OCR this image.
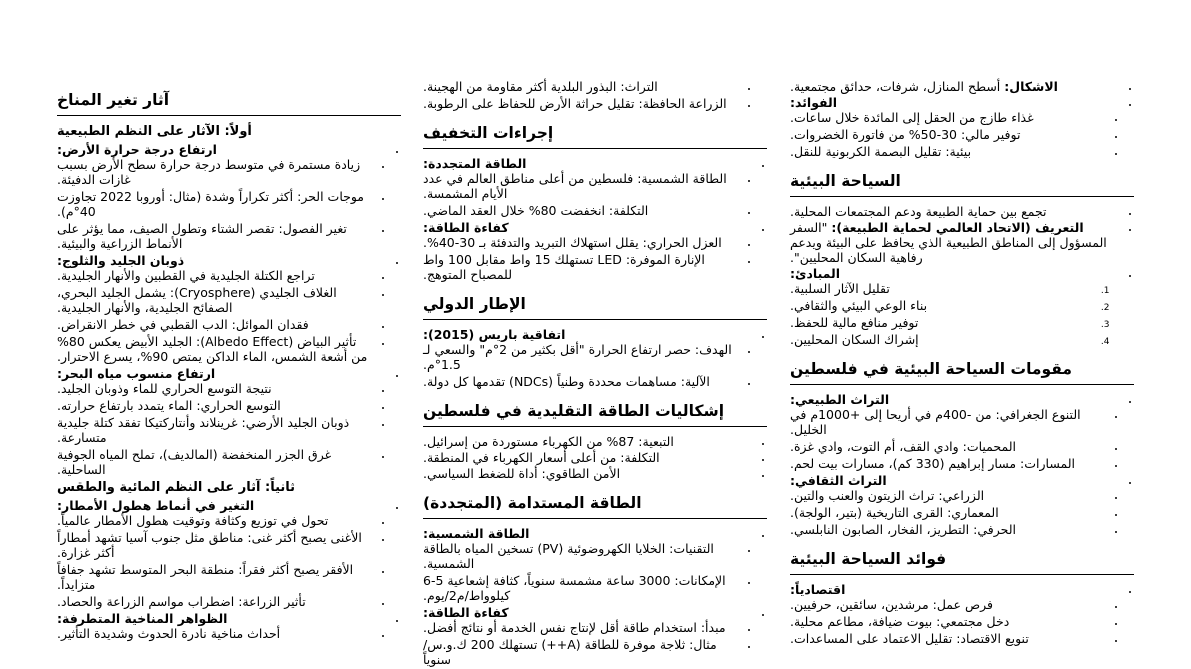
آثار تغير المناخ
أولاً: الآثار على النظم الطبيعية
• ارتفاع درجة حرارة الأرض:
• زيادة مستمرة في متوسط درجة حرارة سطح الأرض بسبب غازات الدفيئة.
• موجات الحر: أكثر تكراراً وشدة (مثال: أوروبا 2022 تجاوزت 40°م).
• تغير الفصول: تقصر الشتاء وتطول الصيف، مما يؤثر على الأنماط الزراعية والبيئية.
• ذوبان الجليد والثلوج:
• تراجع الكتلة الجليدية في القطبين والأنهار الجليدية.
• الغلاف الجليدي (Cryosphere): يشمل الجليد البحري، الصفائح الجليدية، والأنهار الجليدية.
• فقدان الموائل: الدب القطبي في خطر الانقراض.
• تأثير البياض (Albedo Effect): الجليد الأبيض يعكس 80% من أشعة الشمس، الماء الداكن يمتص 90%، يسرع الاحترار.
• ارتفاع منسوب مياه البحر:
• نتيجة التوسع الحراري للماء وذوبان الجليد.
• التوسع الحراري: الماء يتمدد بارتفاع حرارته.
• ذوبان الجليد الأرضي: غرينلاند وأنتاركتيكا تفقد كتلة جليدية متسارعة.
• غرق الجزر المنخفضة (المالديف)، تملح المياه الجوفية الساحلية.
ثانياً: آثار على النظم المائية والطقس
• التغير في أنماط هطول الأمطار:
• تحول في توزيع وكثافة وتوقيت هطول الأمطار عالمياً.
• الأغنى يصبح أكثر غنى: مناطق مثل جنوب آسيا تشهد أمطاراً أكثر غزارة.
• الأفقر يصبح أكثر فقراً: منطقة البحر المتوسط تشهد جفافاً متزايداً.
• تأثير الزراعة: اضطراب مواسم الزراعة والحصاد.
• الظواهر المناخية المتطرفة:
• أحداث مناخية نادرة الحدوث وشديدة التأثير.
• التراث: البذور البلدية أكثر مقاومة من الهجينة.
• الزراعة الحافظة: تقليل حراثة الأرض للحفاظ على الرطوبة.
إجراءات التخفيف
• الطاقة المتجددة:
• الطاقة الشمسية: فلسطين من أعلى مناطق العالم في عدد الأيام المشمسة.
• التكلفة: انخفضت 80% خلال العقد الماضي.
• كفاءة الطاقة:
• العزل الحراري: يقلل استهلاك التبريد والتدفئة بـ 30-40%.
• الإنارة الموفرة: LED تستهلك 15 واط مقابل 100 واط للمصباح المتوهج.
الإطار الدولي
• اتفاقية باريس (2015):
• الهدف: حصر ارتفاع الحرارة "أقل بكثير من 2°م" والسعي لـ 1.5°م.
• الآلية: مساهمات محددة وطنياً (NDCs) تقدمها كل دولة.
إشكاليات الطاقة التقليدية في فلسطين
• التبعية: 87% من الكهرباء مستوردة من إسرائيل.
• التكلفة: من أعلى أسعار الكهرباء في المنطقة.
• الأمن الطاقوي: أداة للضغط السياسي.
الطاقة المستدامة (المتجددة)
• الطاقة الشمسية:
• التقنيات: الخلايا الكهروضوئية (PV) تسخين المياه بالطاقة الشمسية.
• الإمكانات: 3000 ساعة مشمسة سنوياً، كثافة إشعاعية 5-6 كيلوواط/م2/يوم.
• كفاءة الطاقة:
• مبدأ: استخدام طاقة أقل لإنتاج نفس الخدمة أو نتائج أفضل.
• مثال: ثلاجة موفرة للطاقة (A++) تستهلك 200 ك.و.س/سنوياً
• الاشكال: أسطح المنازل، شرفات، حدائق مجتمعية.
• الفوائد:
• غذاء طازج من الحقل إلى المائدة خلال ساعات.
• توفير مالي: 30-50% من فاتورة الخضروات.
• بيئية: تقليل البصمة الكربونية للنقل.
السياحة البيئية
• تجمع بين حماية الطبيعة ودعم المجتمعات المحلية.
• التعريف (الاتحاد العالمي لحماية الطبيعة): "السفر المسؤول إلى المناطق الطبيعية الذي يحافظ على البيئة ويدعم رفاهية السكان المحليين".
• المبادئ:
1. تقليل الآثار السلبية.
2. بناء الوعي البيئي والثقافي.
3. توفير منافع مالية للحفظ.
4. إشراك السكان المحليين.
مقومات السياحة البيئية في فلسطين
• التراث الطبيعي:
• التنوع الجغرافي: من -400م في أريحا إلى +1000م في الخليل.
• المحميات: وادي القف، أم التوت، وادي غزة.
• المسارات: مسار إبراهيم (330 كم)، مسارات بيت لحم.
• التراث الثقافي:
• الزراعي: تراث الزيتون والعنب والتين.
• المعماري: القرى التاريخية (بتير، الولجة).
• الحرفي: التطريز، الفخار، الصابون النابلسي.
فوائد السياحة البيئية
• اقتصادياً:
• فرص عمل: مرشدين، سائقين، حرفيين.
• دخل مجتمعي: بيوت ضيافة، مطاعم محلية.
• تنويع الاقتصاد: تقليل الاعتماد على المساعدات.
